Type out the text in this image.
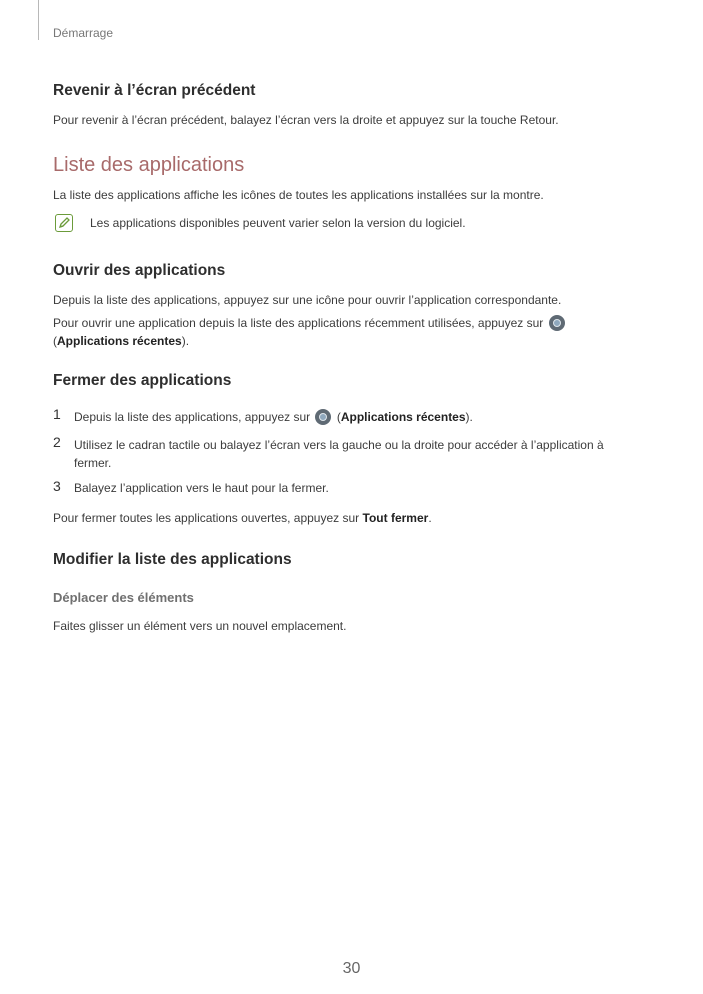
Démarrage
Revenir à l’écran précédent
Pour revenir à l’écran précédent, balayez l’écran vers la droite et appuyez sur la touche Retour.
Liste des applications
La liste des applications affiche les icônes de toutes les applications installées sur la montre.
Les applications disponibles peuvent varier selon la version du logiciel.
Ouvrir des applications
Depuis la liste des applications, appuyez sur une icône pour ouvrir l’application correspondante.
Pour ouvrir une application depuis la liste des applications récemment utilisées, appuyez sur
(Applications récentes).
Fermer des applications
1 Depuis la liste des applications, appuyez sur (Applications récentes).
2 Utilisez le cadran tactile ou balayez l’écran vers la gauche ou la droite pour accéder à l’application à fermer.
3 Balayez l’application vers le haut pour la fermer.
Pour fermer toutes les applications ouvertes, appuyez sur Tout fermer.
Modifier la liste des applications
Déplacer des éléments
Faites glisser un élément vers un nouvel emplacement.
30
